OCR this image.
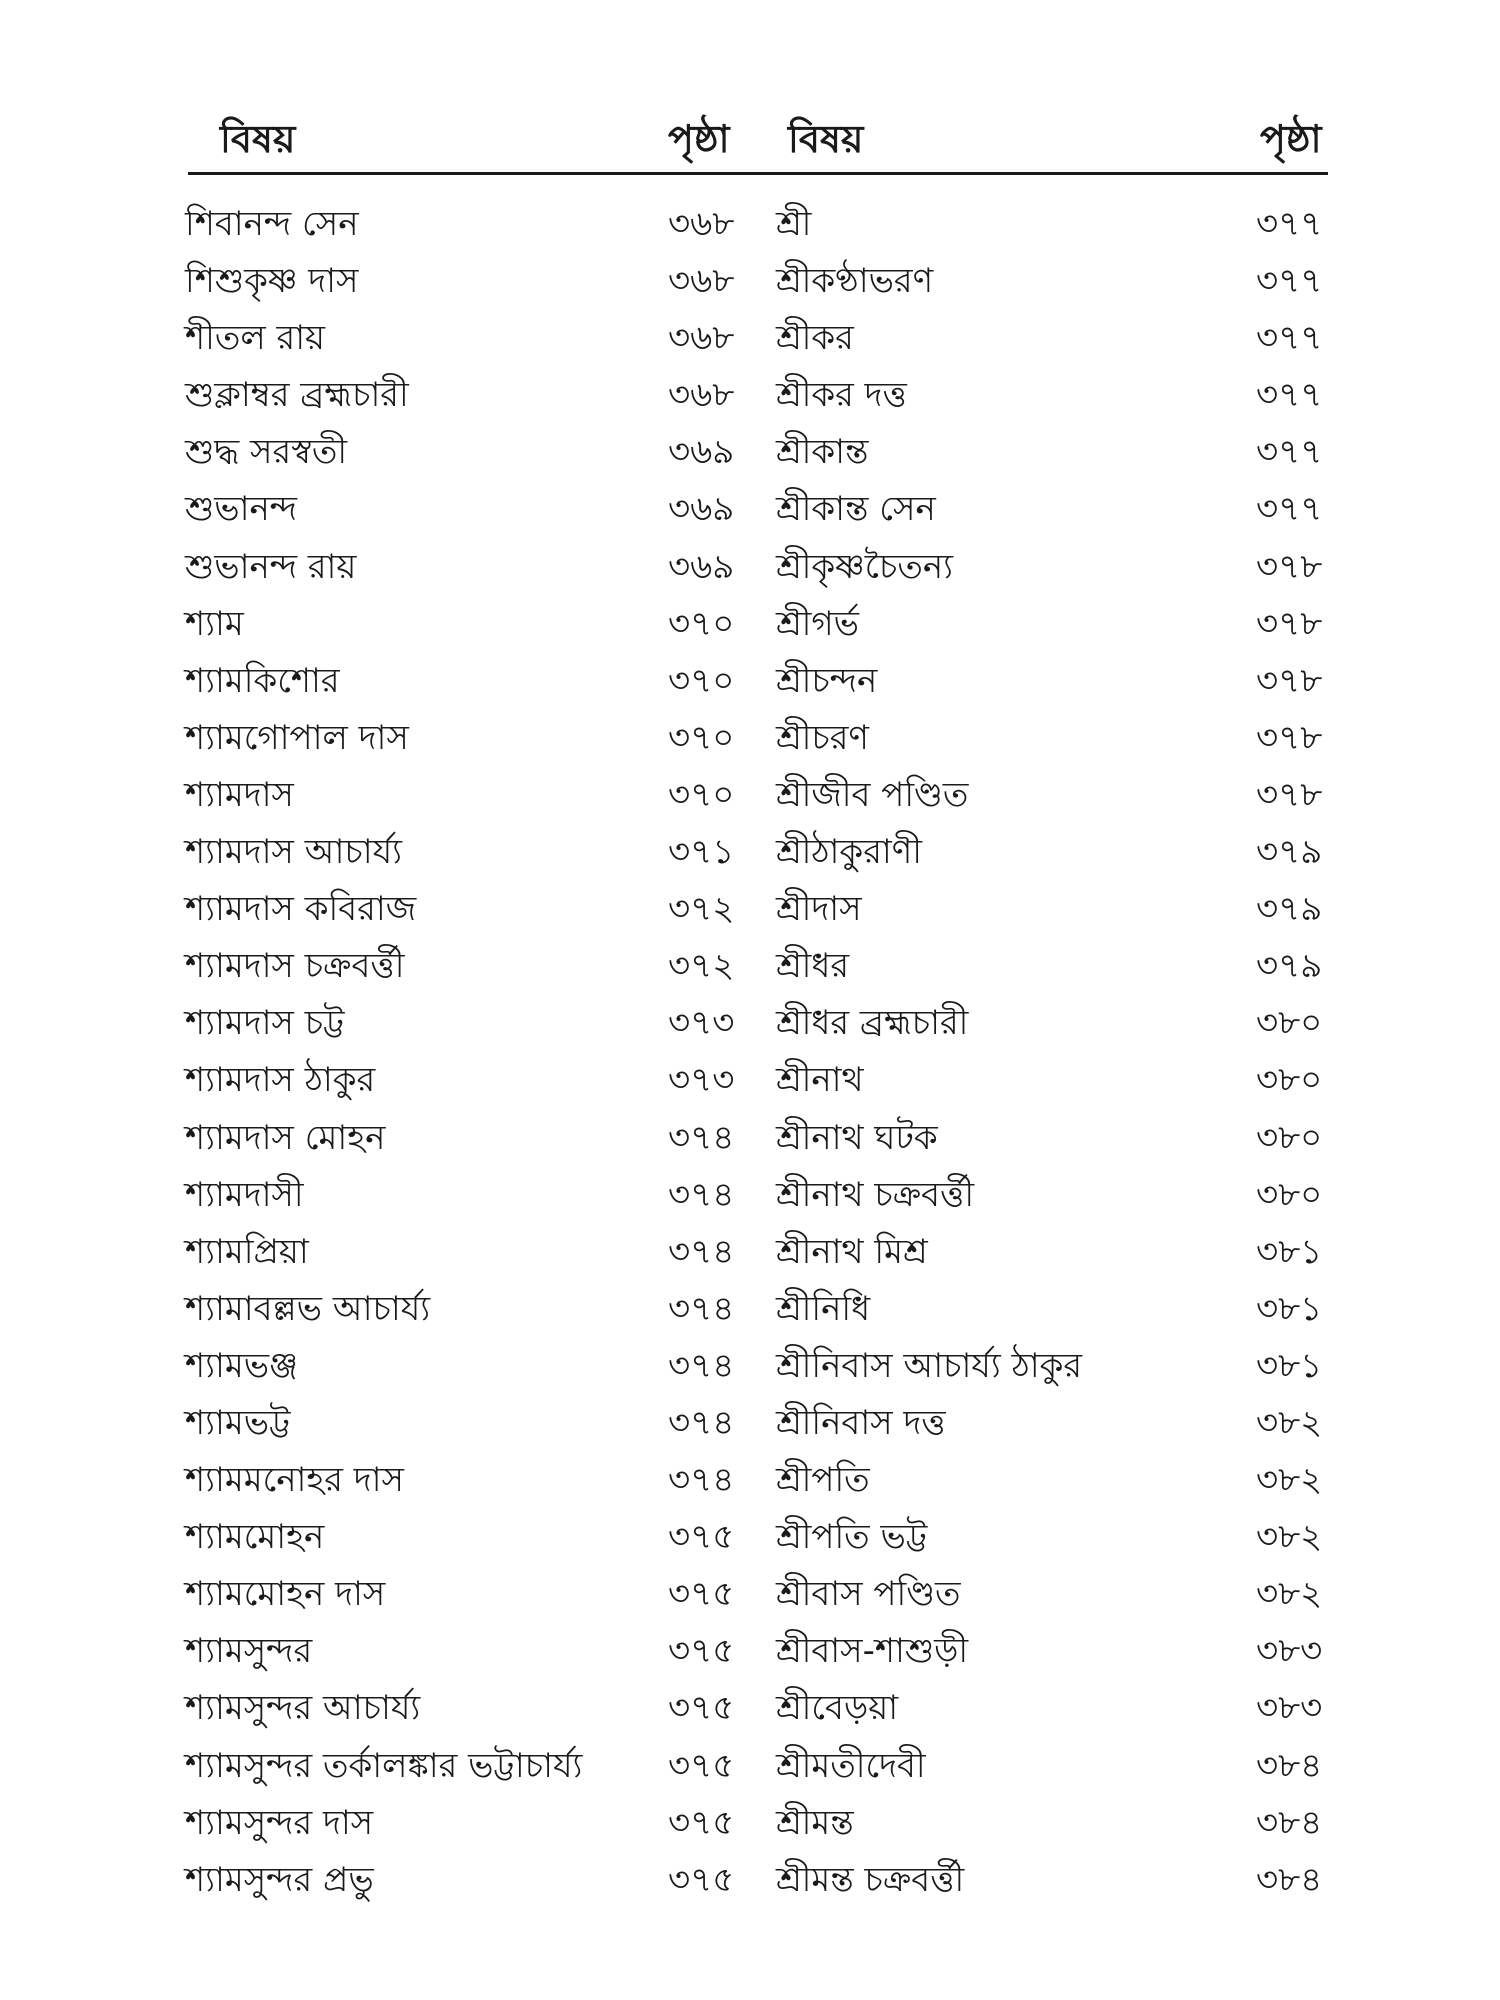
বিষয়	পৃষ্ঠা বিষয়	পৃষ্ঠা
শিবানন্দ সেন	৩৬৮ শ্রী	৩৭৭
শিশুকৃষ্ণ দাস	৩৬৮ শ্রীকণ্ঠাভরণ	৩৭৭
শীতল রায়	৩৬৮ শ্রীকর	৩৭৭
শুক্লাম্বর ব্রহ্মচারী	৩৬৮ শ্রীকর দত্ত	৩৭৭
শুদ্ধ সরস্বতী	৩৬৯ শ্রীকান্ত	৩৭৭
শুভানন্দ	৩৬৯ শ্রীকান্ত সেন	৩৭৭
শুভানন্দ রায়	৩৬৯ শ্রীকৃষ্ণচৈতন্য	৩৭৮
শ্যাম	৩৭০ শ্রীগর্ভ	৩৭৮
শ্যামকিশোর	৩৭০ শ্রীচন্দন	৩৭৮
শ্যামগোপাল দাস	৩৭০ শ্রীচরণ	৩৭৮
শ্যামদাস	৩৭০ শ্রীজীব পণ্ডিত	৩৭৮
শ্যামদাস আচার্য্য	৩৭১ শ্রীঠাকুরাণী	৩৭৯
শ্যামদাস কবিরাজ	৩৭২ শ্রীদাস	৩৭৯
শ্যামদাস চক্রবর্ত্তী	৩৭২ শ্রীধর	৩৭৯
শ্যামদাস চট্ট	৩৭৩ শ্রীধর ব্রহ্মচারী	৩৮০
শ্যামদাস ঠাকুর	৩৭৩ শ্রীনাথ	৩৮০
শ্যামদাস মোহন	৩৭৪ শ্রীনাথ ঘটক	৩৮০
শ্যামদাসী	৩৭৪ শ্রীনাথ চক্রবর্ত্তী	৩৮০
শ্যামপ্রিয়া	৩৭৪ শ্রীনাথ মিশ্র	৩৮১
শ্যামাবল্লভ আচার্য্য	৩৭৪ শ্রীনিধি	৩৮১
শ্যামভঞ্জ	৩৭৪ শ্রীনিবাস আচার্য্য ঠাকুর	৩৮১
শ্যামভট্ট	৩৭৪ শ্রীনিবাস দত্ত	৩৮২
শ্যামমনোহর দাস	৩৭৪ শ্রীপতি	৩৮২
শ্যামমোহন	৩৭৫ শ্রীপতি ভট্ট	৩৮২
শ্যামমোহন দাস	৩৭৫ শ্রীবাস পণ্ডিত	৩৮২
শ্যামসুন্দর	৩৭৫ শ্রীবাস-শাশুড়ী	৩৮৩
শ্যামসুন্দর আচার্য্য	৩৭৫ শ্রীবেড়য়া	৩৮৩
শ্যামসুন্দর তর্কালঙ্কার ভট্টাচার্য্য	৩৭৫ শ্রীমতীদেবী	৩৮৪
শ্যামসুন্দর দাস	৩৭৫ শ্রীমন্ত	৩৮৪
শ্যামসুন্দর প্রভু	৩৭৫ শ্রীমন্ত চক্রবর্ত্তী	৩৮৪
